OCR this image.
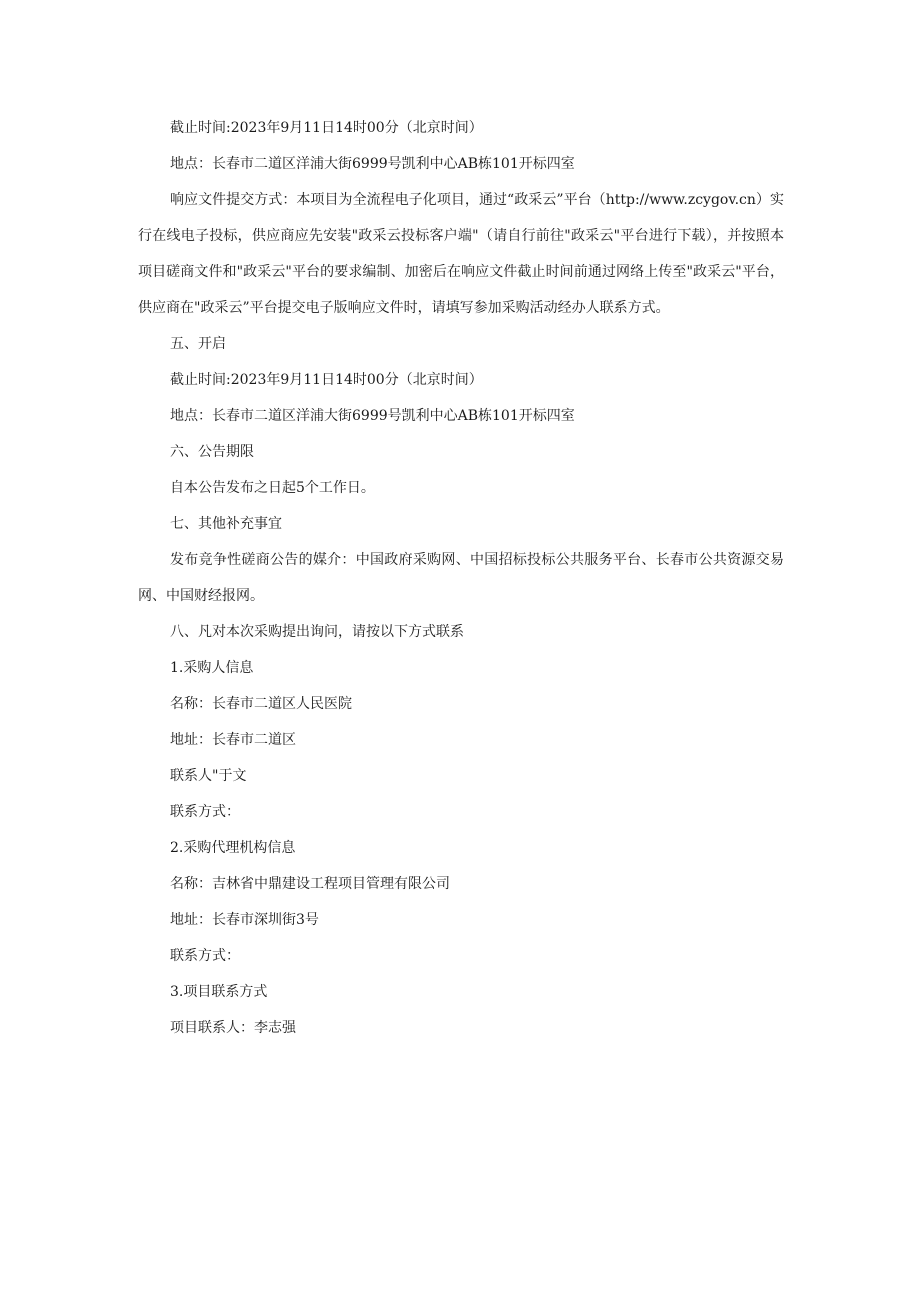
截止时间:2023年9月11日14时00分（北京时间）

地点：长春市二道区洋浦大街6999号凯利中心AB栋101开标四室

响应文件提交方式：本项目为全流程电子化项目，通过“政采云”平台（http://www.zcygov.cn）实行在线电子投标，供应商应先安装"政采云投标客户端"（请自行前往"政采云"平台进行下载），并按照本项目磋商文件和"政采云"平台的要求编制、加密后在响应文件截止时间前通过网络上传至"政采云"平台，供应商在"政采云”平台提交电子版响应文件时，请填写参加采购活动经办人联系方式。

五、开启

截止时间:2023年9月11日14时00分（北京时间）

地点：长春市二道区洋浦大街6999号凯利中心AB栋101开标四室

六、公告期限

自本公告发布之日起5个工作日。

七、其他补充事宜

发布竞争性磋商公告的媒介：中国政府采购网、中国招标投标公共服务平台、长春市公共资源交易网、中国财经报网。

八、凡对本次采购提出询问，请按以下方式联系

1.采购人信息

名称：长春市二道区人民医院

地址：长春市二道区

联系人"于文

联系方式：

2.采购代理机构信息

名称：吉林省中鼎建设工程项目管理有限公司

地址：长春市深圳街3号

联系方式：

3.项目联系方式

项目联系人：李志强
